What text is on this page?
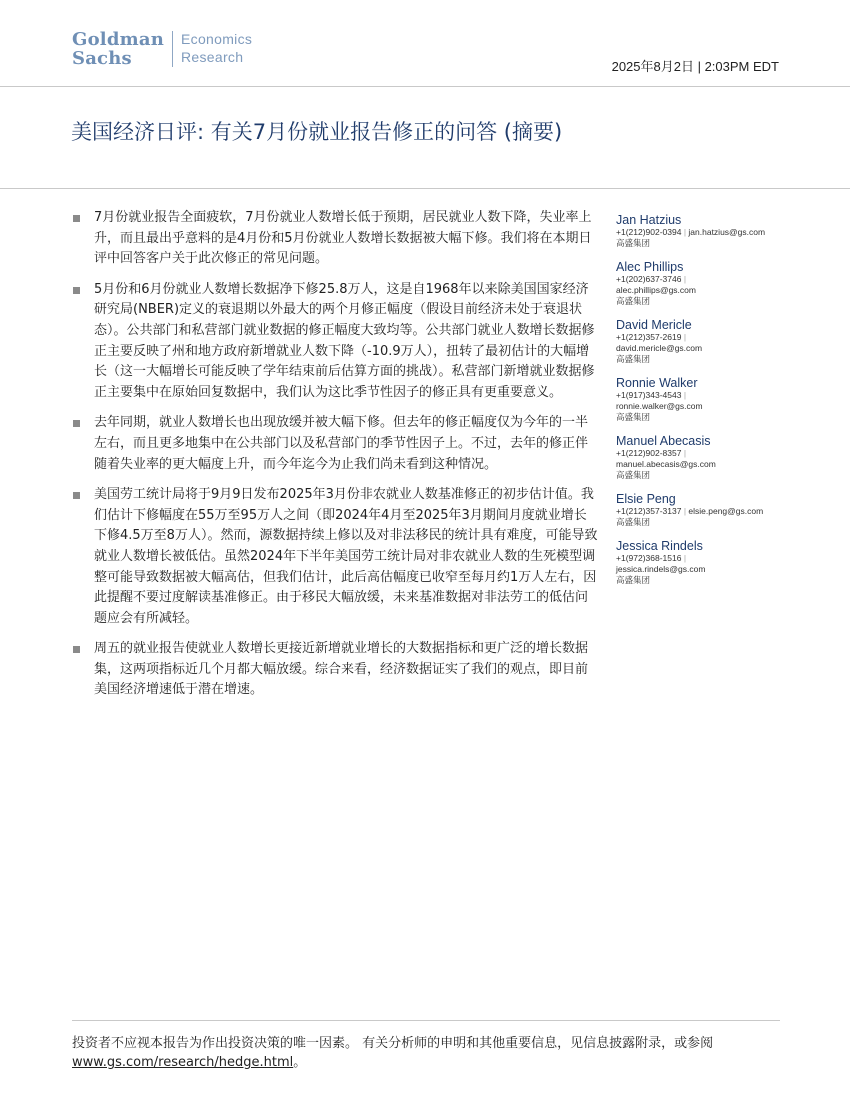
Goldman
Sachs
Economics
Research
2025年8月2日 | 2:03PM EDT
美国经济日评: 有关7月份就业报告修正的问答 (摘要)
7月份就业报告全面疲软，7月份就业人数增长低于预期，居民就业人数下降，失业率上升，而且最出乎意料的是4月份和5月份就业人数增长数据被大幅下修。我们将在本期日评中回答客户关于此次修正的常见问题。
5月份和6月份就业人数增长数据净下修25.8万人，这是自1968年以来除美国国家经济研究局(NBER)定义的衰退期以外最大的两个月修正幅度（假设目前经济未处于衰退状态）。公共部门和私营部门就业数据的修正幅度大致均等。公共部门就业人数增长数据修正主要反映了州和地方政府新增就业人数下降（-10.9万人），扭转了最初估计的大幅增长（这一大幅增长可能反映了学年结束前后估算方面的挑战）。私营部门新增就业数据修正主要集中在原始回复数据中，我们认为这比季节性因子的修正具有更重要意义。
去年同期，就业人数增长也出现放缓并被大幅下修。但去年的修正幅度仅为今年的一半左右，而且更多地集中在公共部门以及私营部门的季节性因子上。不过，去年的修正伴随着失业率的更大幅度上升，而今年迄今为止我们尚未看到这种情况。
美国劳工统计局将于9月9日发布2025年3月份非农就业人数基准修正的初步估计值。我们估计下修幅度在55万至95万人之间（即2024年4月至2025年3月期间月度就业增长下修4.5万至8万人）。然而，源数据持续上修以及对非法移民的统计具有难度，可能导致就业人数增长被低估。虽然2024年下半年美国劳工统计局对非农就业人数的生死模型调整可能导致数据被大幅高估，但我们估计，此后高估幅度已收窄至每月约1万人左右，因此提醒不要过度解读基准修正。由于移民大幅放缓，未来基准数据对非法劳工的低估问题应会有所减轻。
周五的就业报告使就业人数增长更接近新增就业增长的大数据指标和更广泛的增长数据集，这两项指标近几个月都大幅放缓。综合来看，经济数据证实了我们的观点，即目前美国经济增速低于潜在增速。
Jan Hatzius
+1(212)902-0394 | jan.hatzius@gs.com
高盛集团
Alec Phillips
+1(202)637-3746 |
alec.phillips@gs.com
高盛集团
David Mericle
+1(212)357-2619 |
david.mericle@gs.com
高盛集团
Ronnie Walker
+1(917)343-4543 |
ronnie.walker@gs.com
高盛集团
Manuel Abecasis
+1(212)902-8357 |
manuel.abecasis@gs.com
高盛集团
Elsie Peng
+1(212)357-3137 | elsie.peng@gs.com
高盛集团
Jessica Rindels
+1(972)368-1516 |
jessica.rindels@gs.com
高盛集团
投资者不应视本报告为作出投资决策的唯一因素。 有关分析师的申明和其他重要信息，见信息披露附录，或参阅 www.gs.com/research/hedge.html。
